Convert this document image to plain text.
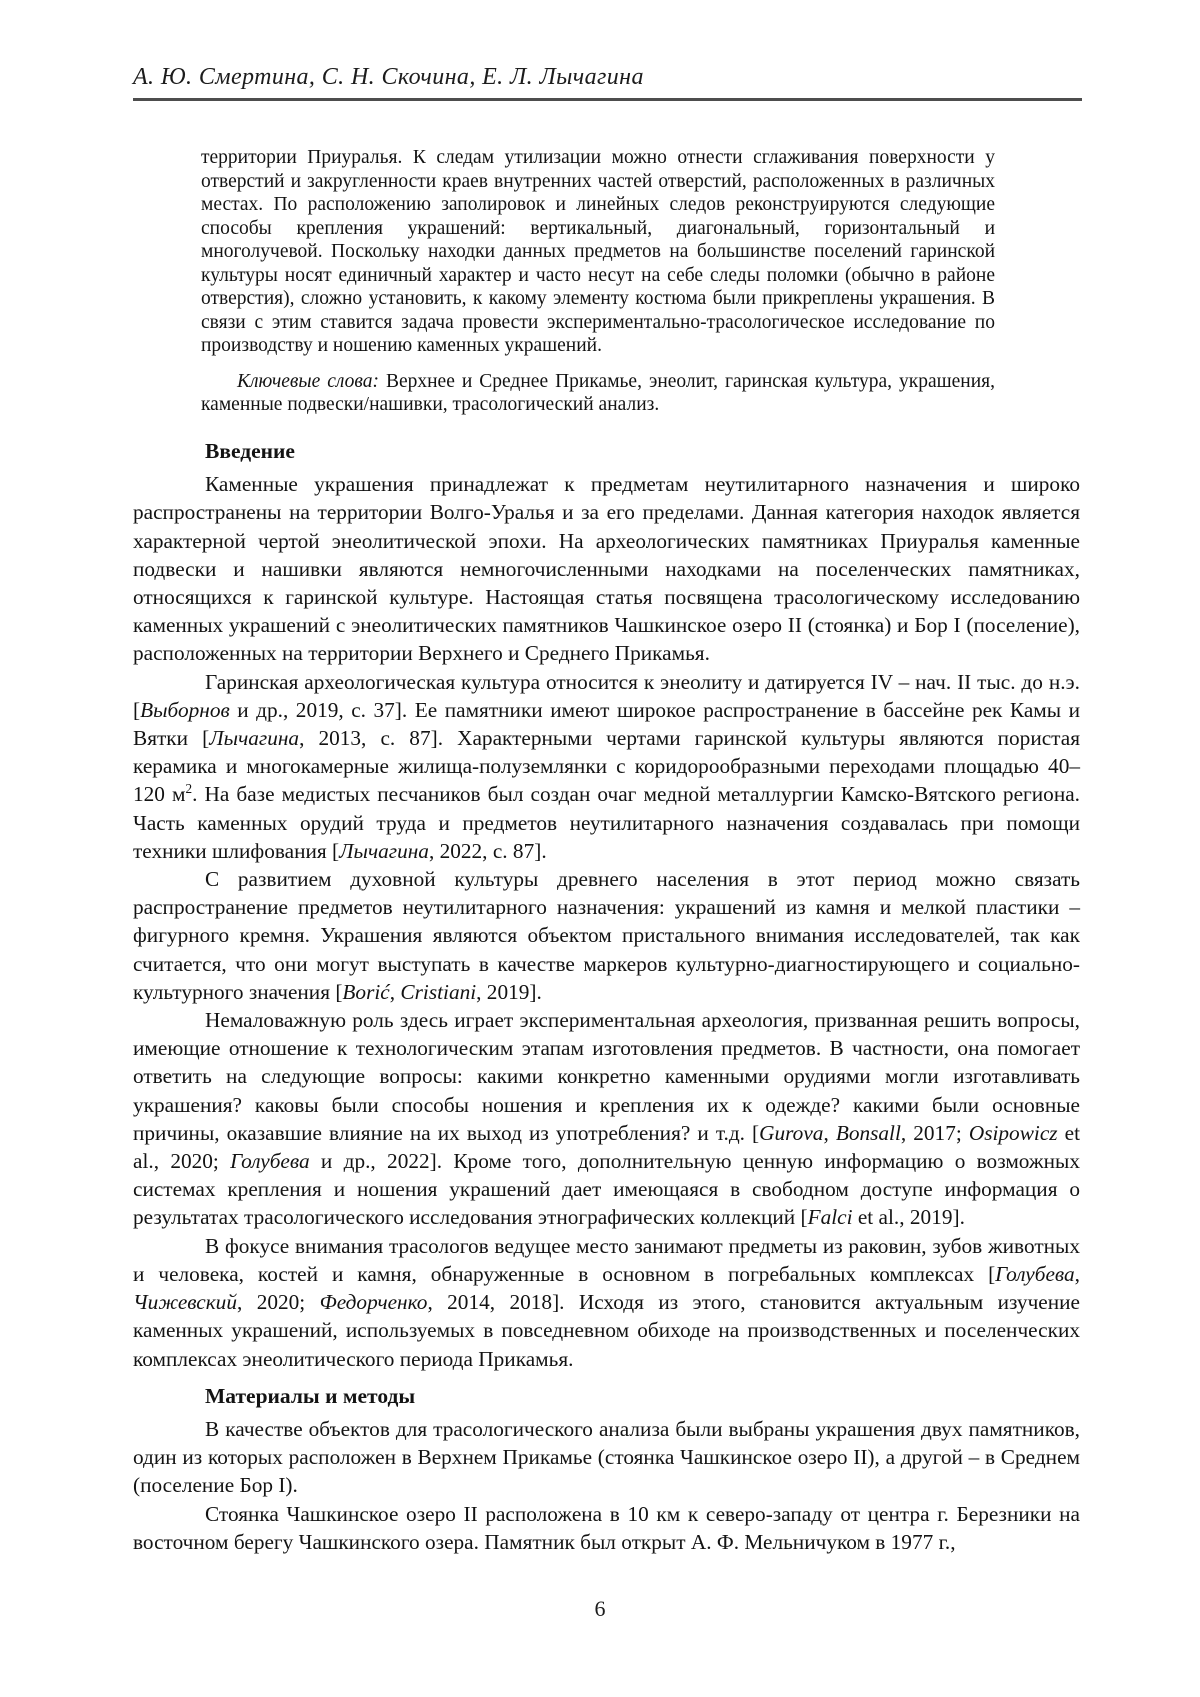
А. Ю. Смертина, С. Н. Скочина, Е. Л. Лычагина

территории Приуралья. К следам утилизации можно отнести сглаживания поверхности у отверстий и закругленности краев внутренних частей отверстий, расположенных в различных местах. По расположению заполировок и линейных следов реконструируются следующие способы крепления украшений: вертикальный, диагональный, горизонтальный и многолучевой. Поскольку находки данных предметов на большинстве поселений гаринской культуры носят единичный характер и часто несут на себе следы поломки (обычно в районе отверстия), сложно установить, к какому элементу костюма были прикреплены украшения. В связи с этим ставится задача провести экспериментально-трасологическое исследование по производству и ношению каменных украшений.

Ключевые слова: Верхнее и Среднее Прикамье, энеолит, гаринская культура, украшения, каменные подвески/нашивки, трасологический анализ.

Введение

Каменные украшения принадлежат к предметам неутилитарного назначения и широко распространены на территории Волго-Уралья и за его пределами. Данная категория находок является характерной чертой энеолитической эпохи. На археологических памятниках Приуралья каменные подвески и нашивки являются немногочисленными находками на поселенческих памятниках, относящихся к гаринской культуре. Настоящая статья посвящена трасологическому исследованию каменных украшений с энеолитических памятников Чашкинское озеро II (стоянка) и Бор I (поселение), расположенных на территории Верхнего и Среднего Прикамья.

Гаринская археологическая культура относится к энеолиту и датируется IV – нач. II тыс. до н.э. [Выборнов и др., 2019, с. 37]. Ее памятники имеют широкое распространение в бассейне рек Камы и Вятки [Лычагина, 2013, с. 87]. Характерными чертами гаринской культуры являются пористая керамика и многокамерные жилища-полуземлянки с коридорообразными переходами площадью 40–120 $м^2$. На базе медистых песчаников был создан очаг медной металлургии Камско-Вятского региона. Часть каменных орудий труда и предметов неутилитарного назначения создавалась при помощи техники шлифования [Лычагина, 2022, с. 87].

С развитием духовной культуры древнего населения в этот период можно связать распространение предметов неутилитарного назначения: украшений из камня и мелкой пластики – фигурного кремня. Украшения являются объектом пристального внимания исследователей, так как считается, что они могут выступать в качестве маркеров культурно-диагностирующего и социально-культурного значения [Borić, Cristiani, 2019].

Немаловажную роль здесь играет экспериментальная археология, призванная решить вопросы, имеющие отношение к технологическим этапам изготовления предметов. В частности, она помогает ответить на следующие вопросы: какими конкретно каменными орудиями могли изготавливать украшения? каковы были способы ношения и крепления их к одежде? какими были основные причины, оказавшие влияние на их выход из употребления? и т.д. [Gurova, Bonsall, 2017; Osipowicz et al., 2020; Голубева и др., 2022]. Кроме того, дополнительную ценную информацию о возможных системах крепления и ношения украшений дает имеющаяся в свободном доступе информация о результатах трасологического исследования этнографических коллекций [Falci et al., 2019].

В фокусе внимания трасологов ведущее место занимают предметы из раковин, зубов животных и человека, костей и камня, обнаруженные в основном в погребальных комплексах [Голубева, Чижевский, 2020; Федорченко, 2014, 2018]. Исходя из этого, становится актуальным изучение каменных украшений, используемых в повседневном обиходе на производственных и поселенческих комплексах энеолитического периода Прикамья.

Материалы и методы

В качестве объектов для трасологического анализа были выбраны украшения двух памятников, один из которых расположен в Верхнем Прикамье (стоянка Чашкинское озеро II), а другой – в Среднем (поселение Бор I).

Стоянка Чашкинское озеро II расположена в 10 км к северо-западу от центра г. Березники на восточном берегу Чашкинского озера. Памятник был открыт А. Ф. Мельничуком в 1977 г.,

6
